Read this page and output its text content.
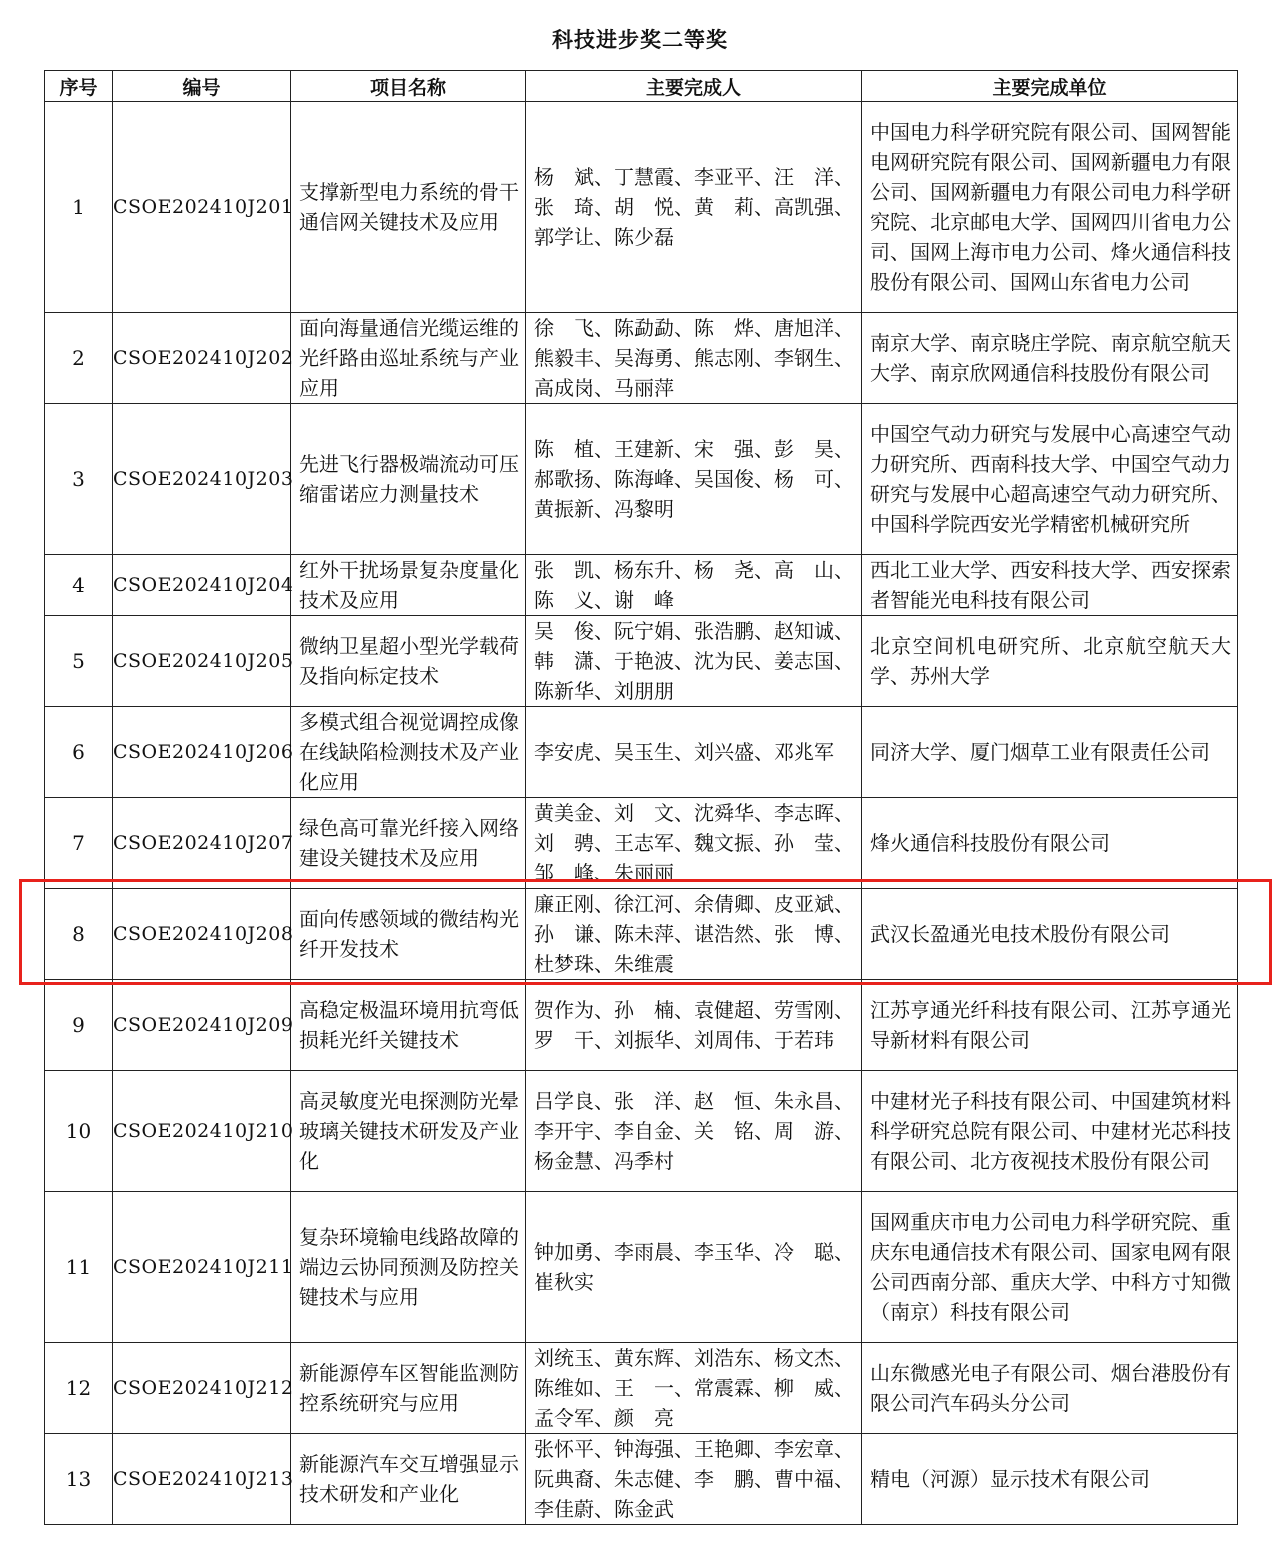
科技进步奖二等奖
序号	编号	项目名称	主要完成人	主要完成单位
1	CSOE202410J201	支撑新型电力系统的骨干通信网关键技术及应用	杨　斌、丁慧霞、李亚平、汪　洋、张　琦、胡　悦、黄　莉、高凯强、郭学让、陈少磊	中国电力科学研究院有限公司、国网智能电网研究院有限公司、国网新疆电力有限公司、国网新疆电力有限公司电力科学研究院、北京邮电大学、国网四川省电力公司、国网上海市电力公司、烽火通信科技股份有限公司、国网山东省电力公司
2	CSOE202410J202	面向海量通信光缆运维的光纤路由巡址系统与产业应用	徐　飞、陈勐勐、陈　烨、唐旭洋、熊毅丰、吴海勇、熊志刚、李钢生、高成岗、马丽萍	南京大学、南京晓庄学院、南京航空航天大学、南京欣网通信科技股份有限公司
3	CSOE202410J203	先进飞行器极端流动可压缩雷诺应力测量技术	陈　植、王建新、宋　强、彭　昊、郝歌扬、陈海峰、吴国俊、杨　可、黄振新、冯黎明	中国空气动力研究与发展中心高速空气动力研究所、西南科技大学、中国空气动力研究与发展中心超高速空气动力研究所、中国科学院西安光学精密机械研究所
4	CSOE202410J204	红外干扰场景复杂度量化技术及应用	张　凯、杨东升、杨　尧、高　山、陈　义、谢　峰	西北工业大学、西安科技大学、西安探索者智能光电科技有限公司
5	CSOE202410J205	微纳卫星超小型光学载荷及指向标定技术	吴　俊、阮宁娟、张浩鹏、赵知诚、韩　潇、于艳波、沈为民、姜志国、陈新华、刘朋朋	北京空间机电研究所、北京航空航天大学、苏州大学
6	CSOE202410J206	多模式组合视觉调控成像在线缺陷检测技术及产业化应用	李安虎、吴玉生、刘兴盛、邓兆军	同济大学、厦门烟草工业有限责任公司
7	CSOE202410J207	绿色高可靠光纤接入网络建设关键技术及应用	黄美金、刘　文、沈舜华、李志晖、刘　骋、王志军、魏文振、孙　莹、邹　峰、朱丽丽	烽火通信科技股份有限公司
8	CSOE202410J208	面向传感领域的微结构光纤开发技术	廉正刚、徐江河、余倩卿、皮亚斌、孙　谦、陈未萍、谌浩然、张　博、杜梦珠、朱维震	武汉长盈通光电技术股份有限公司
9	CSOE202410J209	高稳定极温环境用抗弯低损耗光纤关键技术	贺作为、孙　楠、袁健超、劳雪刚、罗　干、刘振华、刘周伟、于若玮	江苏亨通光纤科技有限公司、江苏亨通光导新材料有限公司
10	CSOE202410J210	高灵敏度光电探测防光晕玻璃关键技术研发及产业化	吕学良、张　洋、赵　恒、朱永昌、李开宇、李自金、关　铭、周　游、杨金慧、冯季村	中建材光子科技有限公司、中国建筑材料科学研究总院有限公司、中建材光芯科技有限公司、北方夜视技术股份有限公司
11	CSOE202410J211	复杂环境输电线路故障的端边云协同预测及防控关键技术与应用	钟加勇、李雨晨、李玉华、冷　聪、崔秋实	国网重庆市电力公司电力科学研究院、重庆东电通信技术有限公司、国家电网有限公司西南分部、重庆大学、中科方寸知微（南京）科技有限公司
12	CSOE202410J212	新能源停车区智能监测防控系统研究与应用	刘统玉、黄东辉、刘浩东、杨文杰、陈维如、王　一、常震霖、柳　威、孟令军、颜　亮	山东微感光电子有限公司、烟台港股份有限公司汽车码头分公司
13	CSOE202410J213	新能源汽车交互增强显示技术研发和产业化	张怀平、钟海强、王艳卿、李宏章、阮典裔、朱志健、李　鹏、曹中福、李佳蔚、陈金武	精电（河源）显示技术有限公司
